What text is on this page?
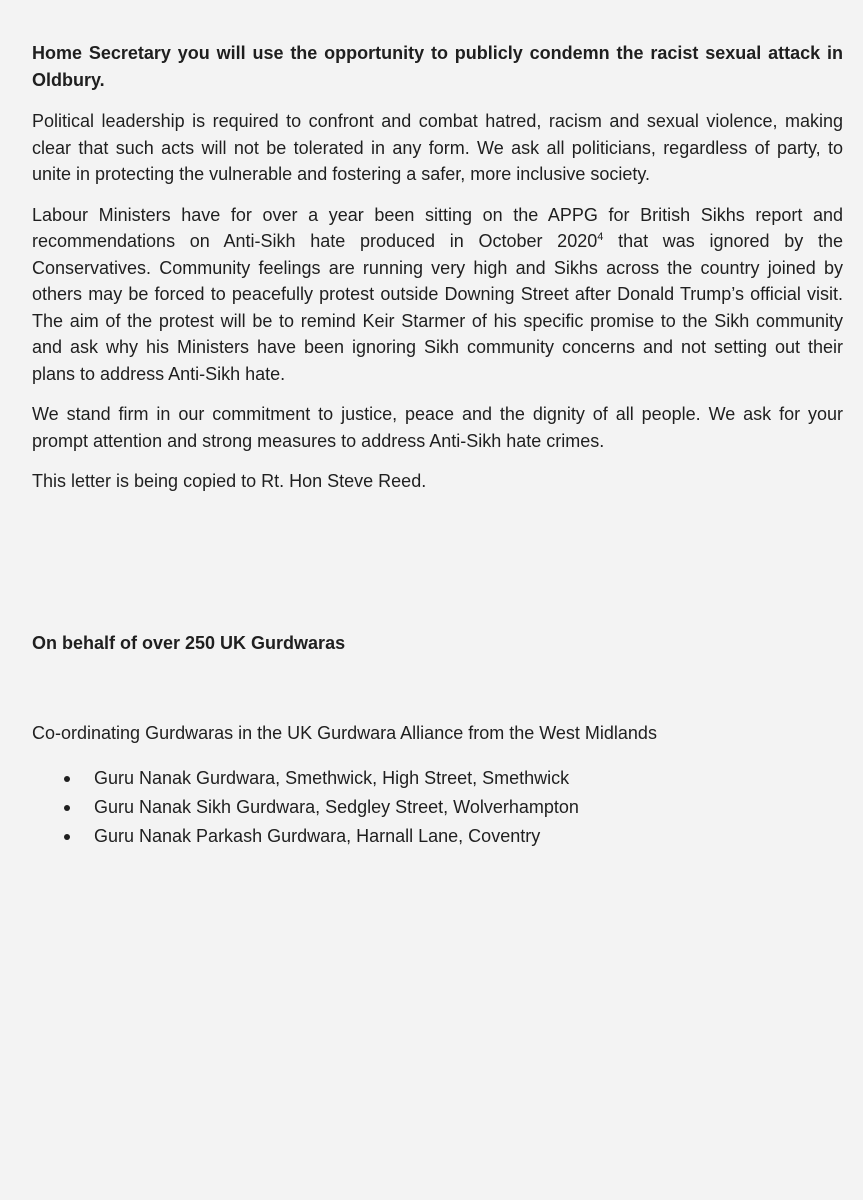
Home Secretary you will use the opportunity to publicly condemn the racist sexual attack in Oldbury.

Political leadership is required to confront and combat hatred, racism and sexual violence, making clear that such acts will not be tolerated in any form. We ask all politicians, regardless of party, to unite in protecting the vulnerable and fostering a safer, more inclusive society.

Labour Ministers have for over a year been sitting on the APPG for British Sikhs report and recommendations on Anti-Sikh hate produced in October 2020$^4$ that was ignored by the Conservatives. Community feelings are running very high and Sikhs across the country joined by others may be forced to peacefully protest outside Downing Street after Donald Trump’s official visit. The aim of the protest will be to remind Keir Starmer of his specific promise to the Sikh community and ask why his Ministers have been ignoring Sikh community concerns and not setting out their plans to address Anti-Sikh hate.

We stand firm in our commitment to justice, peace and the dignity of all people. We ask for your prompt attention and strong measures to address Anti-Sikh hate crimes.

This letter is being copied to Rt. Hon Steve Reed.

On behalf of over 250 UK Gurdwaras

Co-ordinating Gurdwaras in the UK Gurdwara Alliance from the West Midlands

Guru Nanak Gurdwara, Smethwick, High Street, Smethwick
Guru Nanak Sikh Gurdwara, Sedgley Street, Wolverhampton
Guru Nanak Parkash Gurdwara, Harnall Lane, Coventry
